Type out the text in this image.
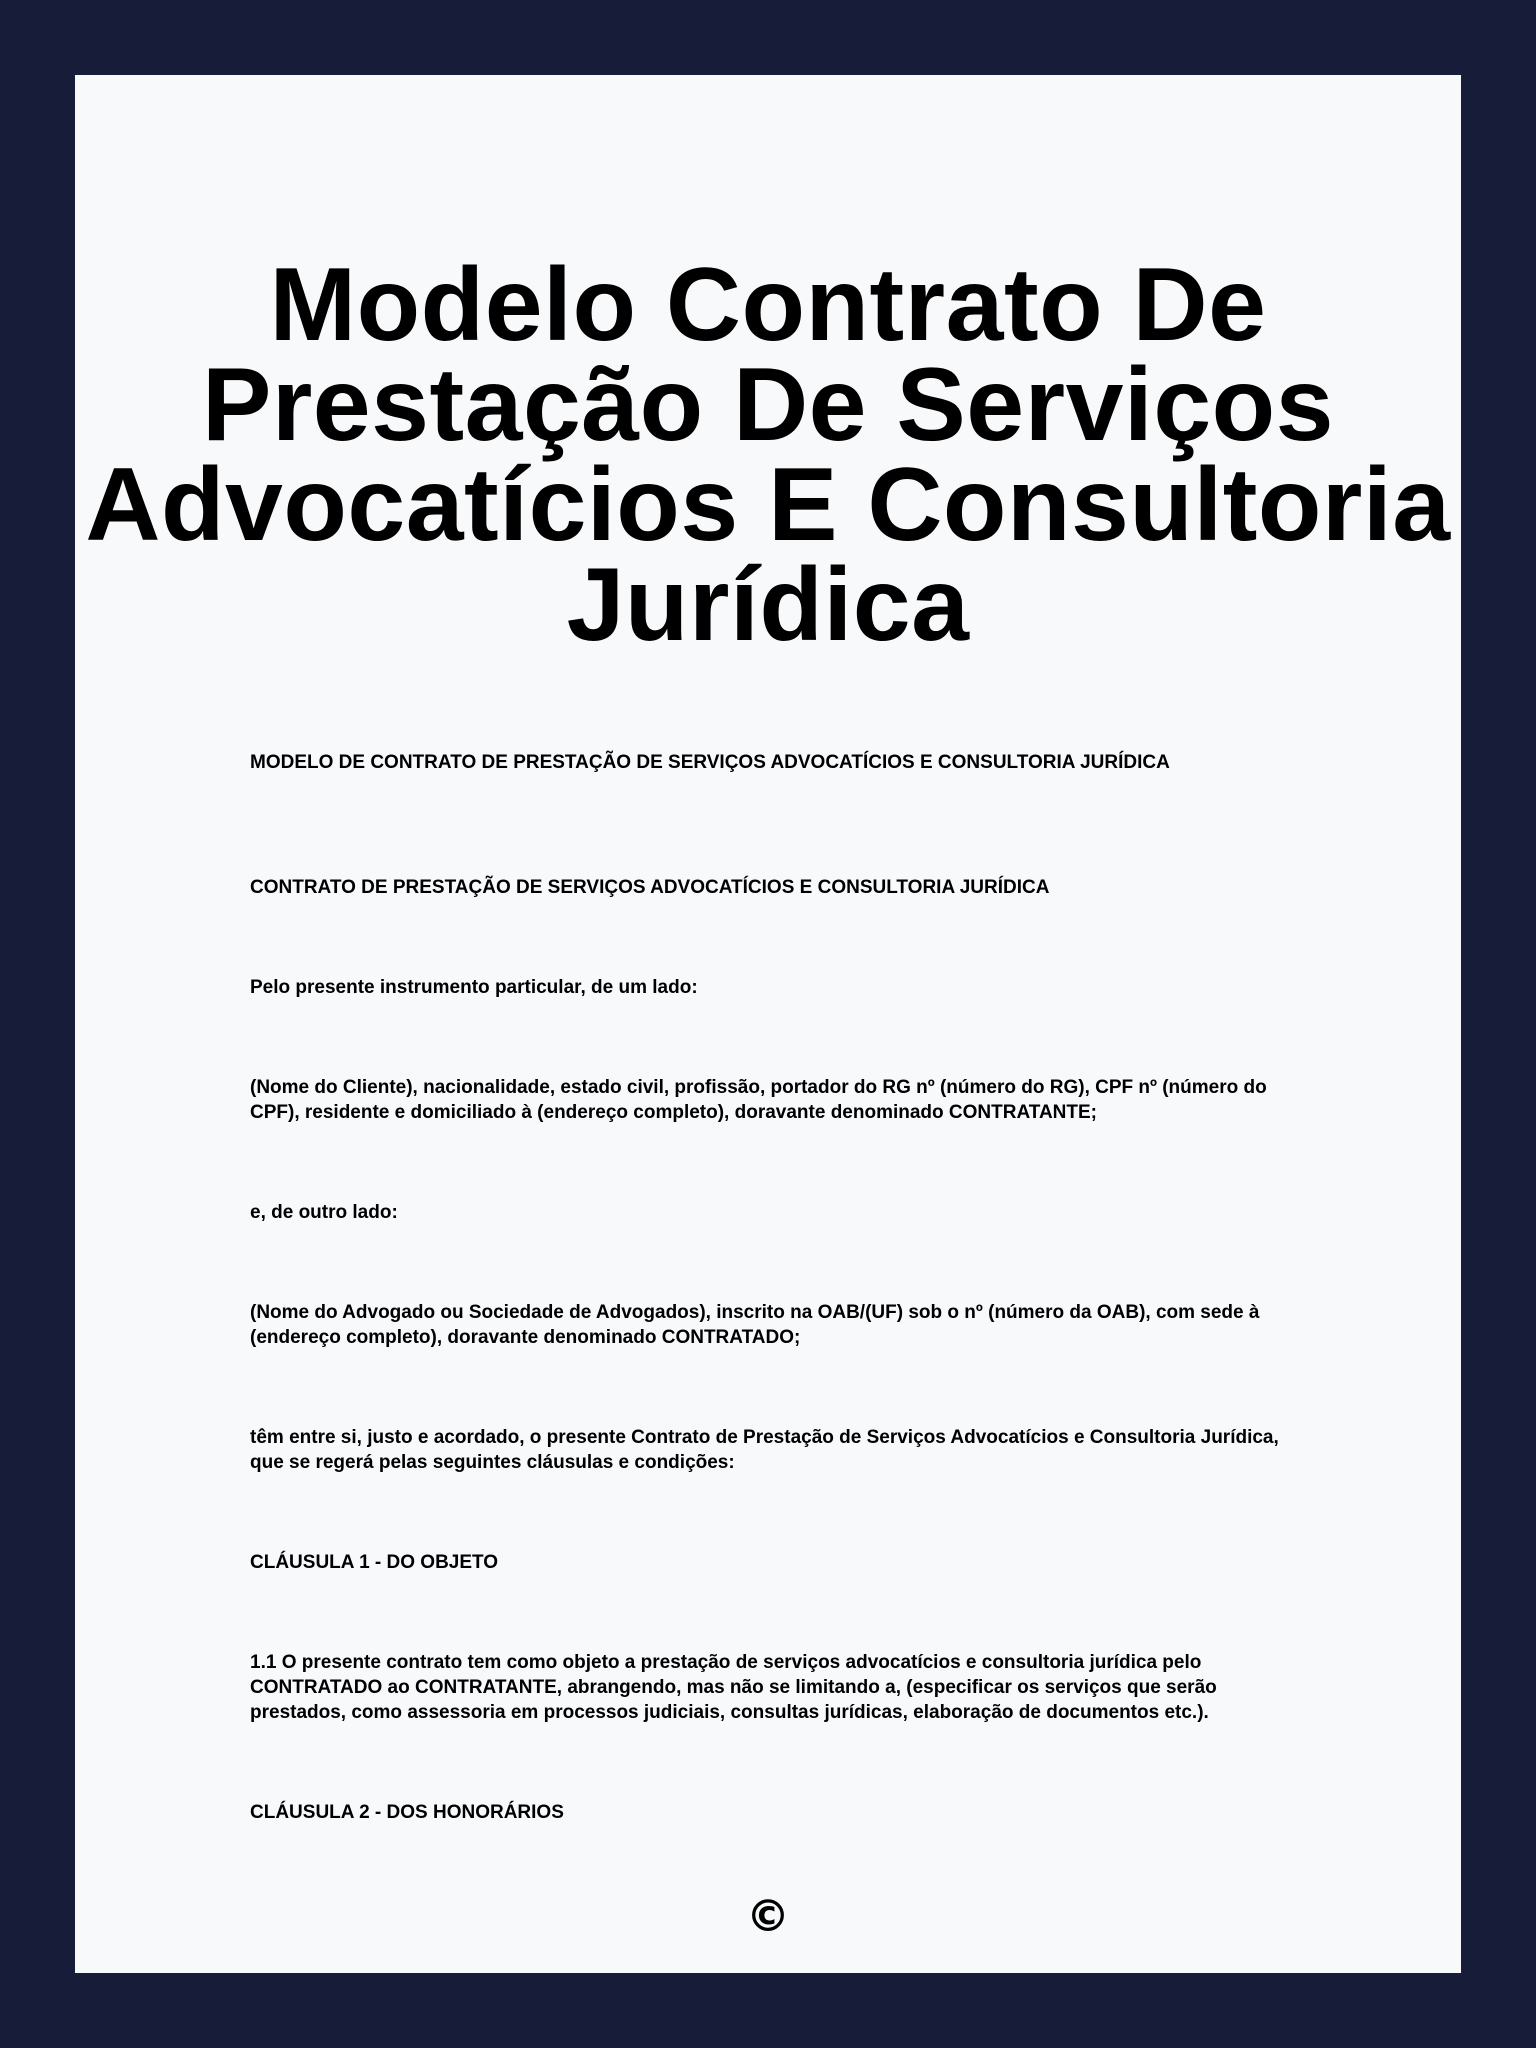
Modelo Contrato De Prestação De Serviços Advocatícios E Consultoria Jurídica

MODELO DE CONTRATO DE PRESTAÇÃO DE SERVIÇOS ADVOCATÍCIOS E CONSULTORIA JURÍDICA

CONTRATO DE PRESTAÇÃO DE SERVIÇOS ADVOCATÍCIOS E CONSULTORIA JURÍDICA

Pelo presente instrumento particular, de um lado:

(Nome do Cliente), nacionalidade, estado civil, profissão, portador do RG nº (número do RG), CPF nº (número do CPF), residente e domiciliado à (endereço completo), doravante denominado CONTRATANTE;

e, de outro lado:

(Nome do Advogado ou Sociedade de Advogados), inscrito na OAB/(UF) sob o nº (número da OAB), com sede à (endereço completo), doravante denominado CONTRATADO;

têm entre si, justo e acordado, o presente Contrato de Prestação de Serviços Advocatícios e Consultoria Jurídica, que se regerá pelas seguintes cláusulas e condições:

CLÁUSULA 1 - DO OBJETO

1.1 O presente contrato tem como objeto a prestação de serviços advocatícios e consultoria jurídica pelo CONTRATADO ao CONTRATANTE, abrangendo, mas não se limitando a, (especificar os serviços que serão prestados, como assessoria em processos judiciais, consultas jurídicas, elaboração de documentos etc.).

CLÁUSULA 2 - DOS HONORÁRIOS

©
